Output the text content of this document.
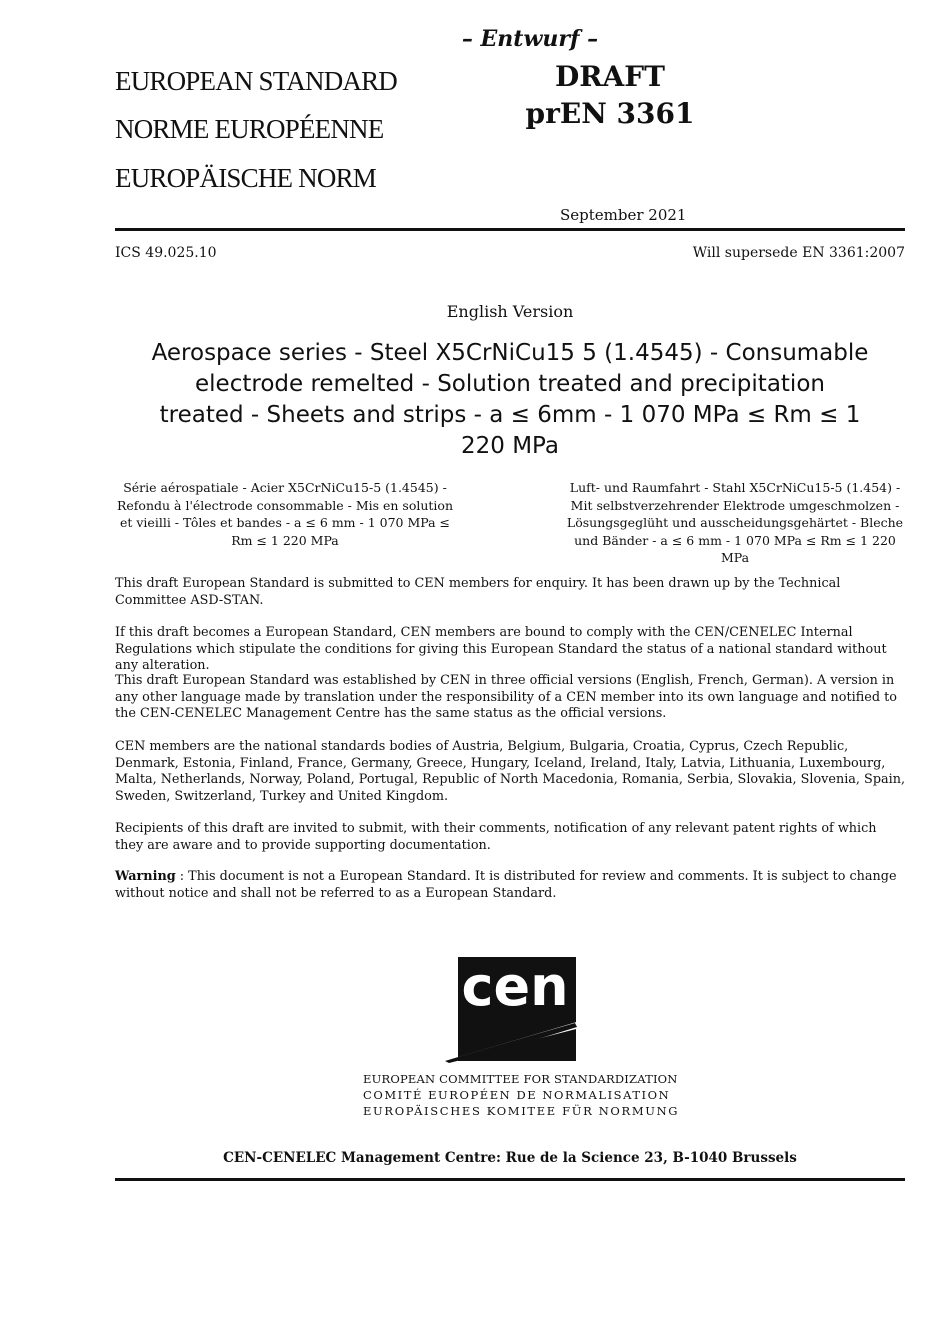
– Entwurf –
EUROPEAN STANDARD
NORME EUROPÉENNE
EUROPÄISCHE NORM
DRAFT
prEN 3361
September 2021
ICS 49.025.10	Will supersede EN 3361:2007
English Version
Aerospace series - Steel X5CrNiCu15 5 (1.4545) - Consumable electrode remelted - Solution treated and precipitation treated - Sheets and strips - a ≤ 6mm - 1 070 MPa ≤ Rm ≤ 1 220 MPa
Série aérospatiale - Acier X5CrNiCu15-5 (1.4545) - Refondu à l'électrode consommable - Mis en solution et vieilli - Tôles et bandes - a ≤ 6 mm - 1 070 MPa ≤ Rm ≤ 1 220 MPa
Luft- und Raumfahrt - Stahl X5CrNiCu15-5 (1.454) - Mit selbstverzehrender Elektrode umgeschmolzen - Lösungsgeglüht und ausscheidungsgehärtet - Bleche und Bänder - a ≤ 6 mm - 1 070 MPa ≤ Rm ≤ 1 220 MPa
This draft European Standard is submitted to CEN members for enquiry. It has been drawn up by the Technical Committee ASD-STAN.
If this draft becomes a European Standard, CEN members are bound to comply with the CEN/CENELEC Internal Regulations which stipulate the conditions for giving this European Standard the status of a national standard without any alteration.
This draft European Standard was established by CEN in three official versions (English, French, German). A version in any other language made by translation under the responsibility of a CEN member into its own language and notified to the CEN-CENELEC Management Centre has the same status as the official versions.
CEN members are the national standards bodies of Austria, Belgium, Bulgaria, Croatia, Cyprus, Czech Republic, Denmark, Estonia, Finland, France, Germany, Greece, Hungary, Iceland, Ireland, Italy, Latvia, Lithuania, Luxembourg, Malta, Netherlands, Norway, Poland, Portugal, Republic of North Macedonia, Romania, Serbia, Slovakia, Slovenia, Spain, Sweden, Switzerland, Turkey and United Kingdom.
Recipients of this draft are invited to submit, with their comments, notification of any relevant patent rights of which they are aware and to provide supporting documentation.
Warning : This document is not a European Standard. It is distributed for review and comments. It is subject to change without notice and shall not be referred to as a European Standard.
cen
EUROPEAN COMMITTEE FOR STANDARDIZATION
COMITÉ EUROPÉEN DE NORMALISATION
EUROPÄISCHES KOMITEE FÜR NORMUNG
CEN-CENELEC Management Centre: Rue de la Science 23, B-1040 Brussels
